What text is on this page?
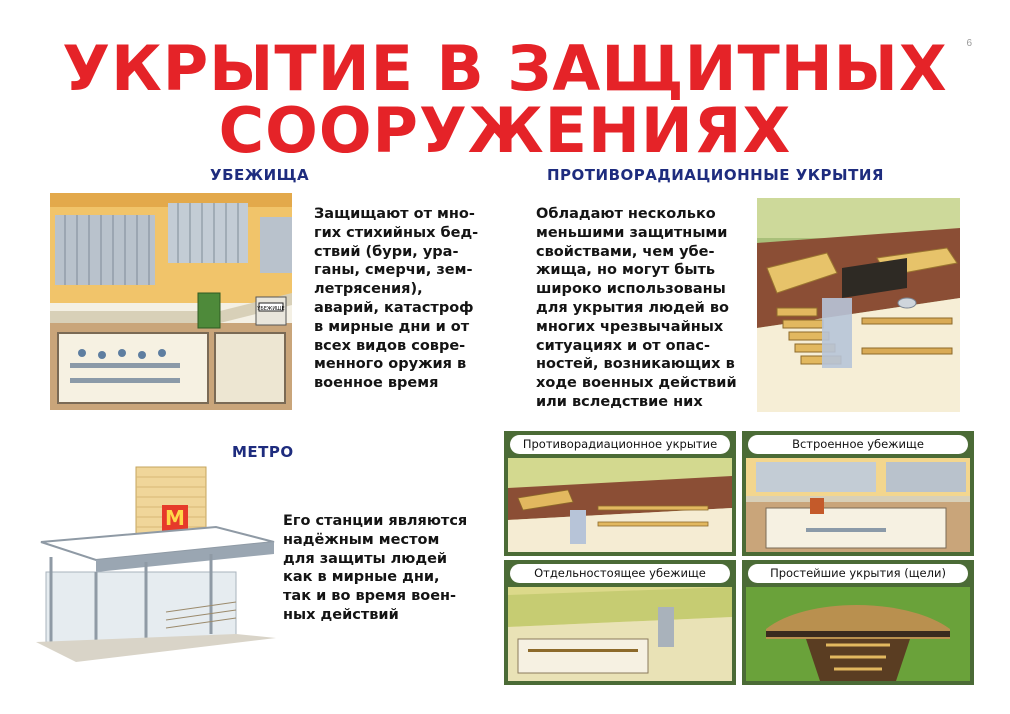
6
УКРЫТИЕ В ЗАЩИТНЫХ
СООРУЖЕНИЯХ
УБЕЖИЩА
УБЕЖИЩЕ
Защищают от мно-
гих стихийных бед-
ствий (бури, ура-
ганы, смерчи, зем-
летрясения),
аварий, катастроф
в мирные дни и от
всех видов совре-
менного оружия в
военное время
ПРОТИВОРАДИАЦИОННЫЕ УКРЫТИЯ
Обладают несколько
меньшими защитными
свойствами, чем убе-
жища, но могут быть
широко использованы
для укрытия людей во
многих чрезвычайных
ситуациях и от опас-
ностей, возникающих в
ходе военных действий
или вследствие них
МЕТРО
М	Его станции являются
надёжным местом
для защиты людей
как в мирные дни,
так и во время воен-
ных действий
Противорадиационное укрытие	Встроенное убежище
Отдельностоящее убежище	Простейшие укрытия (щели)
